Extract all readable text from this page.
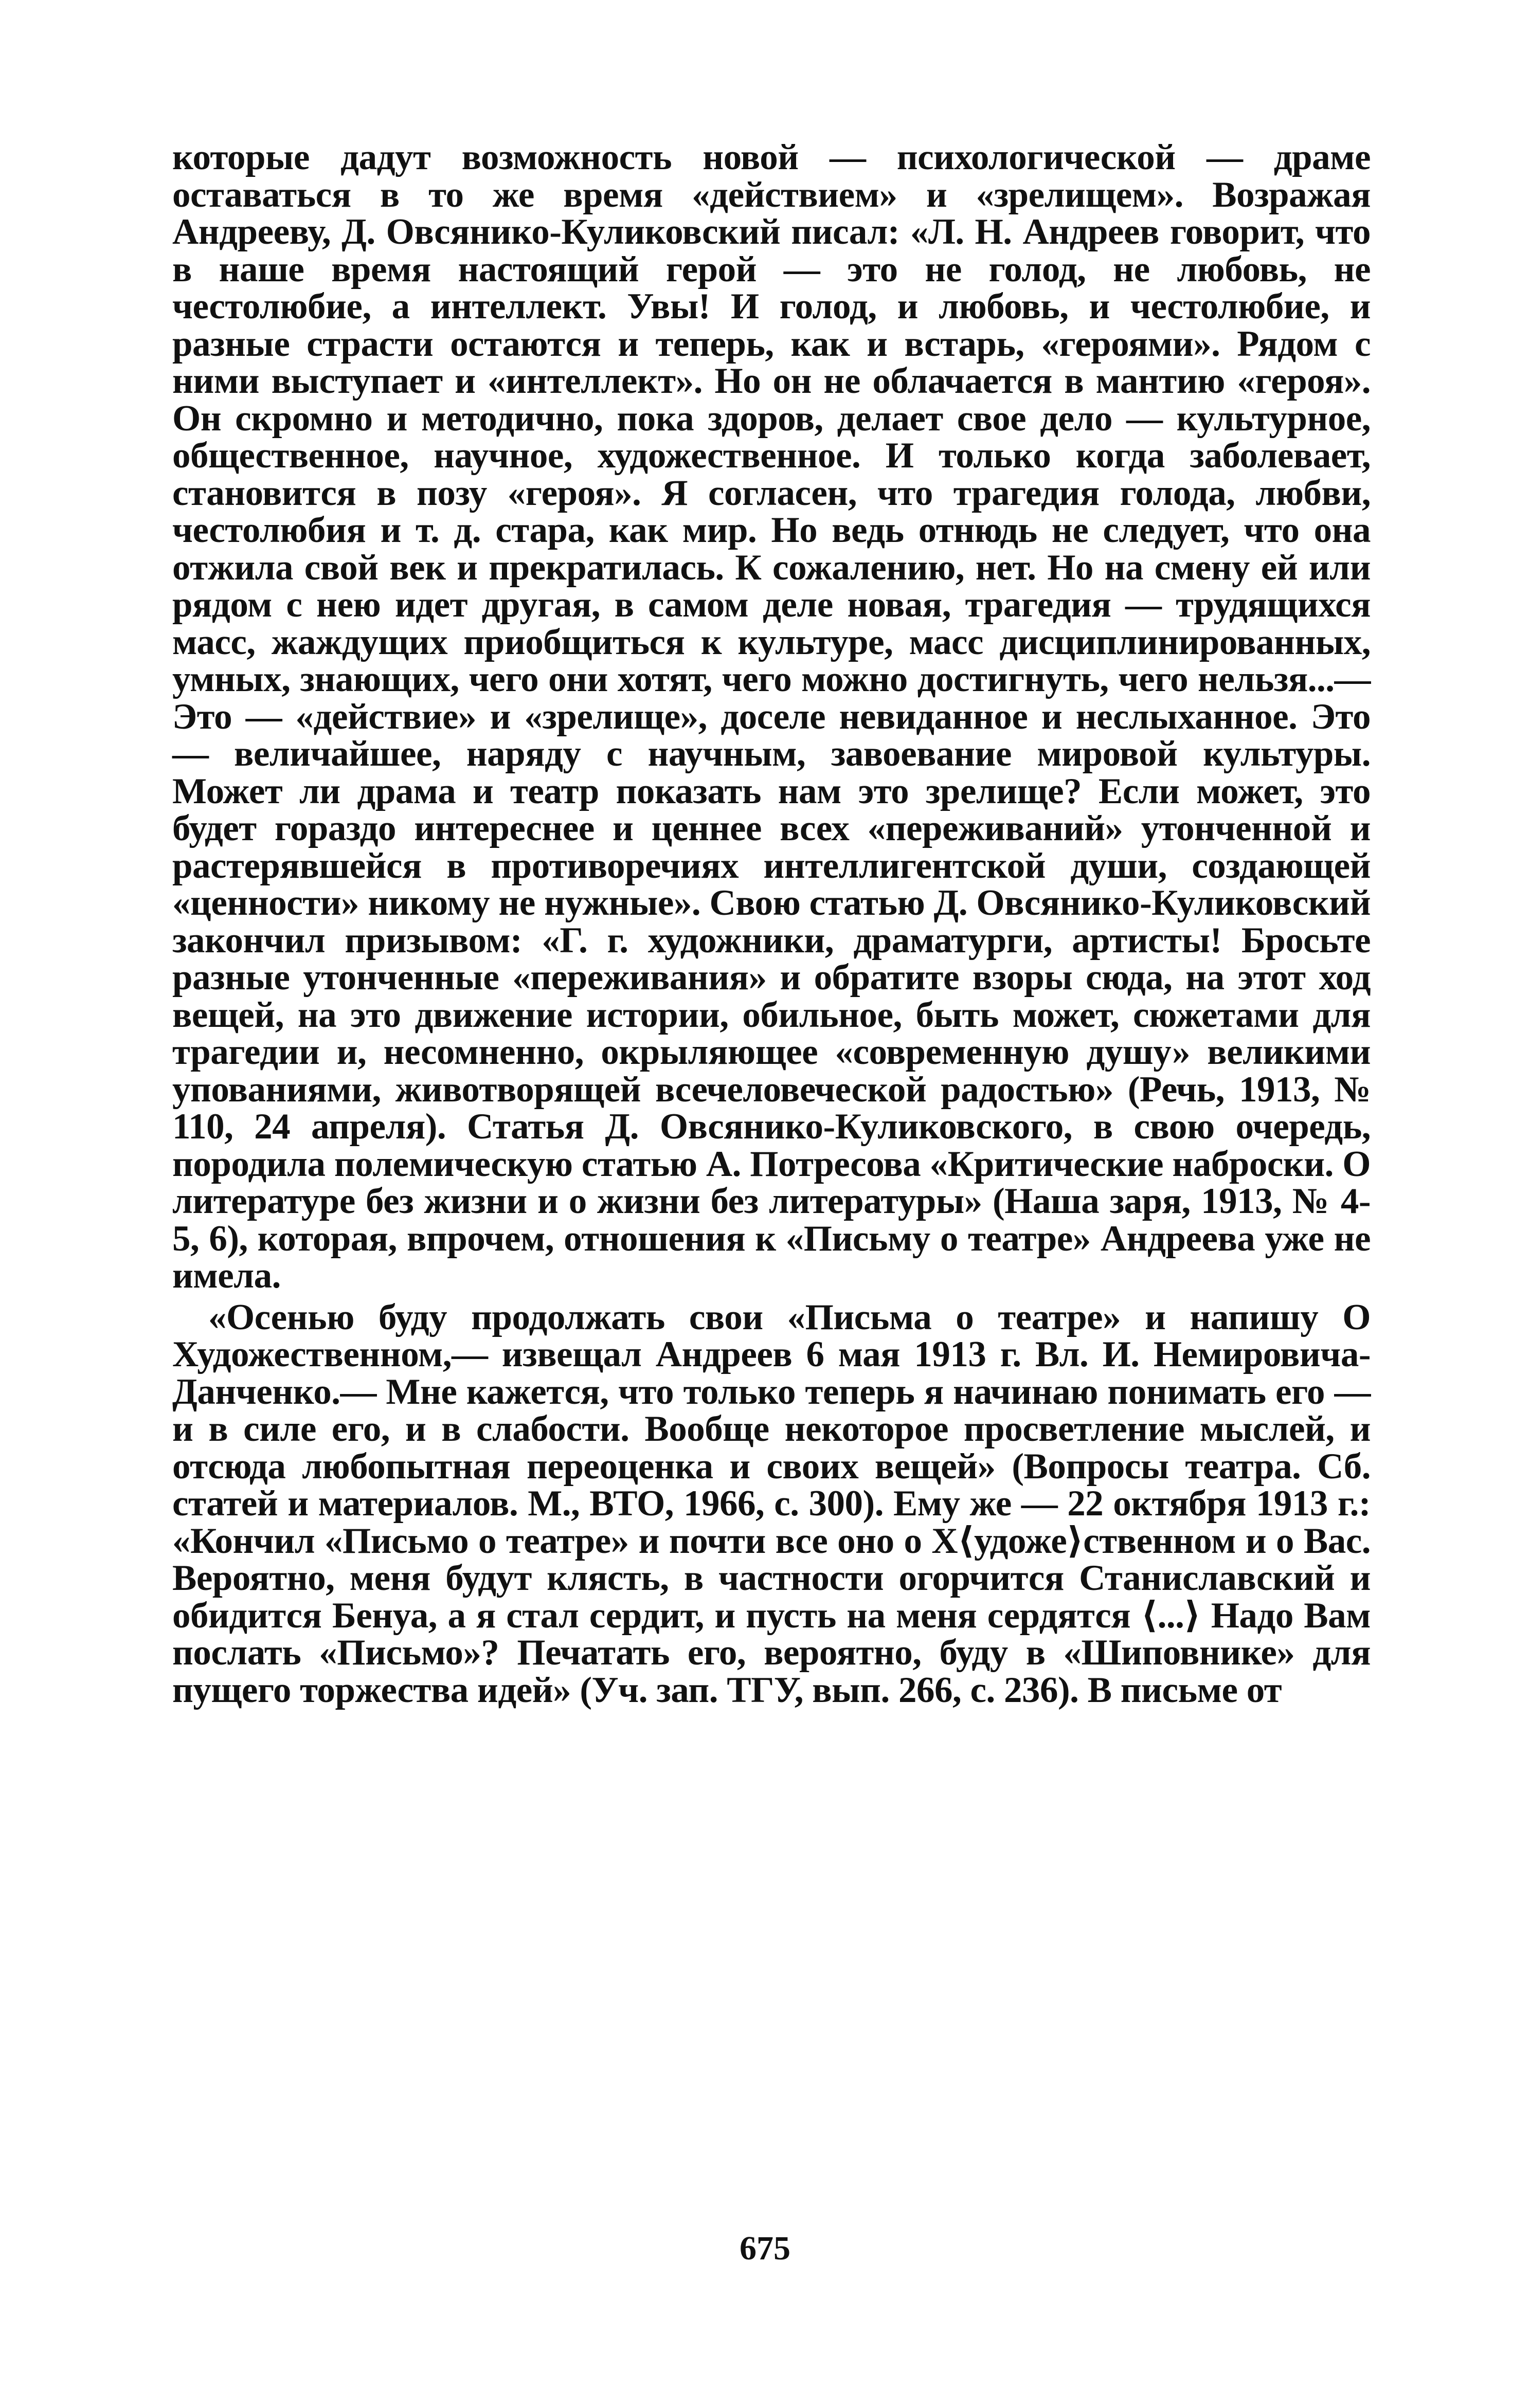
которые дадут возможность новой — психологической — драме оставаться в то же время «действием» и «зрелищем». Возражая Андрееву, Д. Овсянико-Куликовский писал: «Л. Н. Андреев говорит, что в наше время настоящий герой — это не голод, не любовь, не честолюбие, а интеллект. Увы! И голод, и любовь, и честолюбие, и разные страсти остаются и теперь, как и встарь, «героями». Рядом с ними выступает и «интеллект». Но он не облачается в мантию «героя». Он скромно и методично, пока здоров, делает свое дело — культурное, общественное, научное, художественное. И только когда заболевает, становится в позу «героя». Я согласен, что трагедия голода, любви, честолюбия и т. д. стара, как мир. Но ведь отнюдь не следует, что она отжила свой век и прекратилась. К сожалению, нет. Но на смену ей или рядом с нею идет другая, в самом деле новая, трагедия — трудящихся масс, жаждущих приобщиться к культуре, масс дисциплинированных, умных, знающих, чего они хотят, чего можно достигнуть, чего нельзя...— Это — «действие» и «зрелище», доселе невиданное и неслыханное. Это — величайшее, наряду с научным, завоевание мировой культуры. Может ли драма и театр показать нам это зрелище? Если может, это будет гораздо интереснее и ценнее всех «переживаний» утонченной и растерявшейся в противоречиях интеллигентской души, создающей «ценности» никому не нужные». Свою статью Д. Овсянико-Куликовский закончил призывом: «Г. г. художники, драматурги, артисты! Бросьте разные утонченные «переживания» и обратите взоры сюда, на этот ход вещей, на это движение истории, обильное, быть может, сюжетами для трагедии и, несомненно, окрыляющее «современную душу» великими упованиями, животворящей всечеловеческой радостью» (Речь, 1913, № 110, 24 апреля). Статья Д. Овсянико-Куликовского, в свою очередь, породила полемическую статью А. Потресова «Критические наброски. О литературе без жизни и о жизни без литературы» (Наша заря, 1913, № 4-5, 6), которая, впрочем, отношения к «Письму о театре» Андреева уже не имела.

«Осенью буду продолжать свои «Письма о театре» и напишу О Художественном,— извещал Андреев 6 мая 1913 г. Вл. И. Немировича-Данченко.— Мне кажется, что только теперь я начинаю понимать его — и в силе его, и в слабости. Вообще некоторое просветление мыслей, и отсюда любопытная переоценка и своих вещей» (Вопросы театра. Сб. статей и материалов. М., ВТО, 1966, с. 300). Ему же — 22 октября 1913 г.: «Кончил «Письмо о театре» и почти все оно о Х⟨удоже⟩ственном и о Вас. Вероятно, меня будут клясть, в частности огорчится Станиславский и обидится Бенуа, а я стал сердит, и пусть на меня сердятся ⟨...⟩ Надо Вам послать «Письмо»? Печатать его, вероятно, буду в «Шиповнике» для пущего торжества идей» (Уч. зап. ТГУ, вып. 266, с. 236). В письме от

675
